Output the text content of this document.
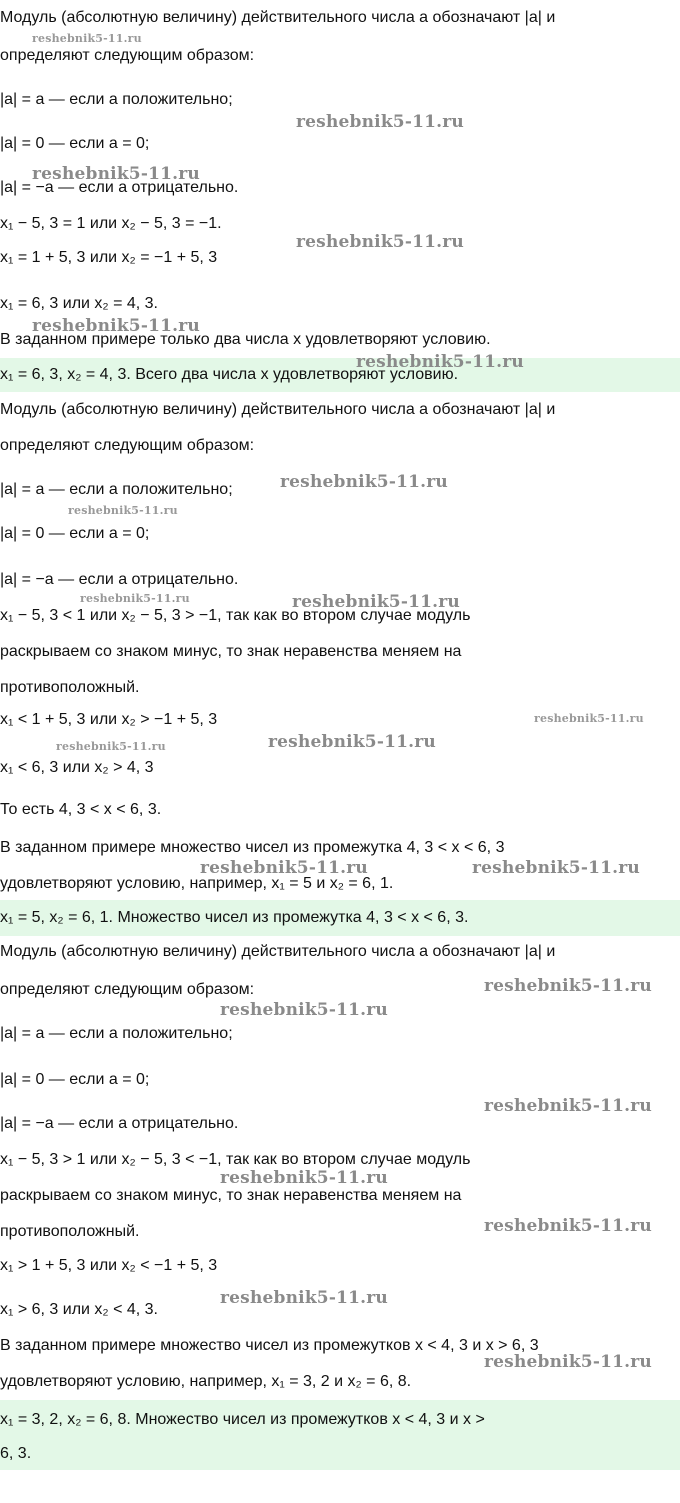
Модуль (абсолютную величину) действительного числа a обозначают |a| и
определяют следующим образом:
|a| = a — если a положительно;
|a| = 0 — если a = 0;
|a| = −a — если a отрицательно.
x₁ − 5, 3 = 1 или x₂ − 5, 3 = −1.
x₁ = 1 + 5, 3 или x₂ = −1 + 5, 3
x₁ = 6, 3 или x₂ = 4, 3.
В заданном примере только два числа x удовлетворяют условию.
x₁ = 6, 3, x₂ = 4, 3. Всего два числа x удовлетворяют условию.
Модуль (абсолютную величину) действительного числа a обозначают |a| и
определяют следующим образом:
|a| = a — если a положительно;
|a| = 0 — если a = 0;
|a| = −a — если a отрицательно.
x₁ − 5, 3 < 1 или x₂ − 5, 3 > −1, так как во втором случае модуль
раскрываем со знаком минус, то знак неравенства меняем на
противоположный.
x₁ < 1 + 5, 3 или x₂ > −1 + 5, 3
x₁ < 6, 3 или x₂ > 4, 3
То есть 4, 3 < x < 6, 3.
В заданном примере множество чисел из промежутка 4, 3 < x < 6, 3
удовлетворяют условию, например, x₁ = 5 и x₂ = 6, 1.
x₁ = 5, x₂ = 6, 1. Множество чисел из промежутка 4, 3 < x < 6, 3.
Модуль (абсолютную величину) действительного числа a обозначают |a| и
определяют следующим образом:
|a| = a — если a положительно;
|a| = 0 — если a = 0;
|a| = −a — если a отрицательно.
x₁ − 5, 3 > 1 или x₂ − 5, 3 < −1, так как во втором случае модуль
раскрываем со знаком минус, то знак неравенства меняем на
противоположный.
x₁ > 1 + 5, 3 или x₂ < −1 + 5, 3
x₁ > 6, 3 или x₂ < 4, 3.
В заданном примере множество чисел из промежутков x < 4, 3 и x > 6, 3
удовлетворяют условию, например, x₁ = 3, 2 и x₂ = 6, 8.
x₁ = 3, 2, x₂ = 6, 8. Множество чисел из промежутков x < 4, 3 и x >
6, 3.
reshebnik5-11.ru
reshebnik5-11.ru
reshebnik5-11.ru
reshebnik5-11.ru
reshebnik5-11.ru
reshebnik5-11.ru
reshebnik5-11.ru
reshebnik5-11.ru
reshebnik5-11.ru	reshebnik5-11.ru
reshebnik5-11.ru
reshebnik5-11.ru
reshebnik5-11.ru
reshebnik5-11.ru	reshebnik5-11.ru
reshebnik5-11.ru
reshebnik5-11.ru
reshebnik5-11.ru
reshebnik5-11.ru
reshebnik5-11.ru
reshebnik5-11.ru
reshebnik5-11.ru
